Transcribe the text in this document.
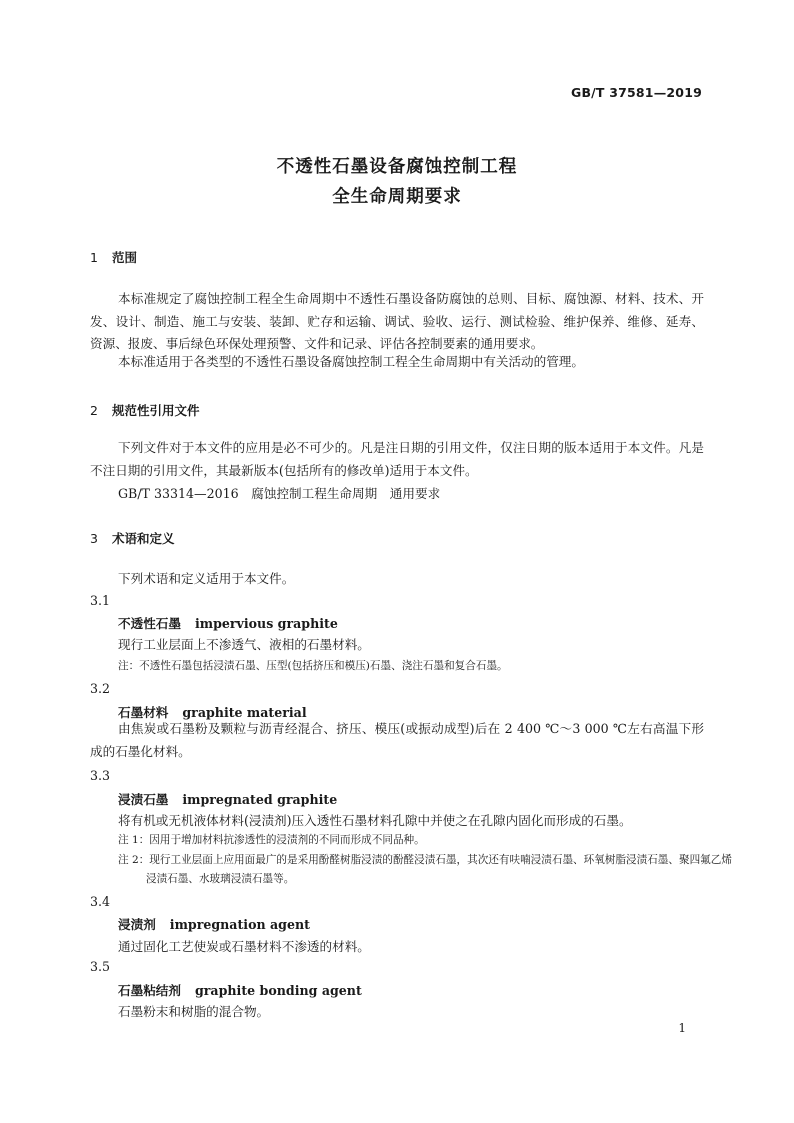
GB/T 37581—2019
不透性石墨设备腐蚀控制工程
全生命周期要求
1 范围

本标准规定了腐蚀控制工程全生命周期中不透性石墨设备防腐蚀的总则、目标、腐蚀源、材料、技术、开发、设计、制造、施工与安装、装卸、贮存和运输、调试、验收、运行、测试检验、维护保养、维修、延寿、资源、报废、事后绿色环保处理预警、文件和记录、评估各控制要素的通用要求。

本标准适用于各类型的不透性石墨设备腐蚀控制工程全生命周期中有关活动的管理。

2 规范性引用文件

下列文件对于本文件的应用是必不可少的。凡是注日期的引用文件，仅注日期的版本适用于本文件。凡是不注日期的引用文件，其最新版本(包括所有的修改单)适用于本文件。

GB/T 33314—2016　腐蚀控制工程生命周期　通用要求
3 术语和定义
下列术语和定义适用于本文件。
3.1
不透性石墨 impervious graphite
现行工业层面上不渗透气、液相的石墨材料。

注：不透性石墨包括浸渍石墨、压型(包括挤压和模压)石墨、浇注石墨和复合石墨。

3.2
石墨材料 graphite material

由焦炭或石墨粉及颗粒与沥青经混合、挤压、模压(或振动成型)后在 2 400 ℃～3 000 ℃左右高温下形成的石墨化材料。

3.3
浸渍石墨 impregnated graphite
将有机或无机液体材料(浸渍剂)压入透性石墨材料孔隙中并使之在孔隙内固化而形成的石墨。

注 1：因用于增加材料抗渗透性的浸渍剂的不同而形成不同品种。

注 2：现行工业层面上应用面最广的是采用酚醛树脂浸渍的酚醛浸渍石墨，其次还有呋喃浸渍石墨、环氧树脂浸渍石墨、聚四氟乙烯浸渍石墨、水玻璃浸渍石墨等。

3.4
浸渍剂 impregnation agent
通过固化工艺使炭或石墨材料不渗透的材料。
3.5
石墨粘结剂 graphite bonding agent
石墨粉末和树脂的混合物。
1
